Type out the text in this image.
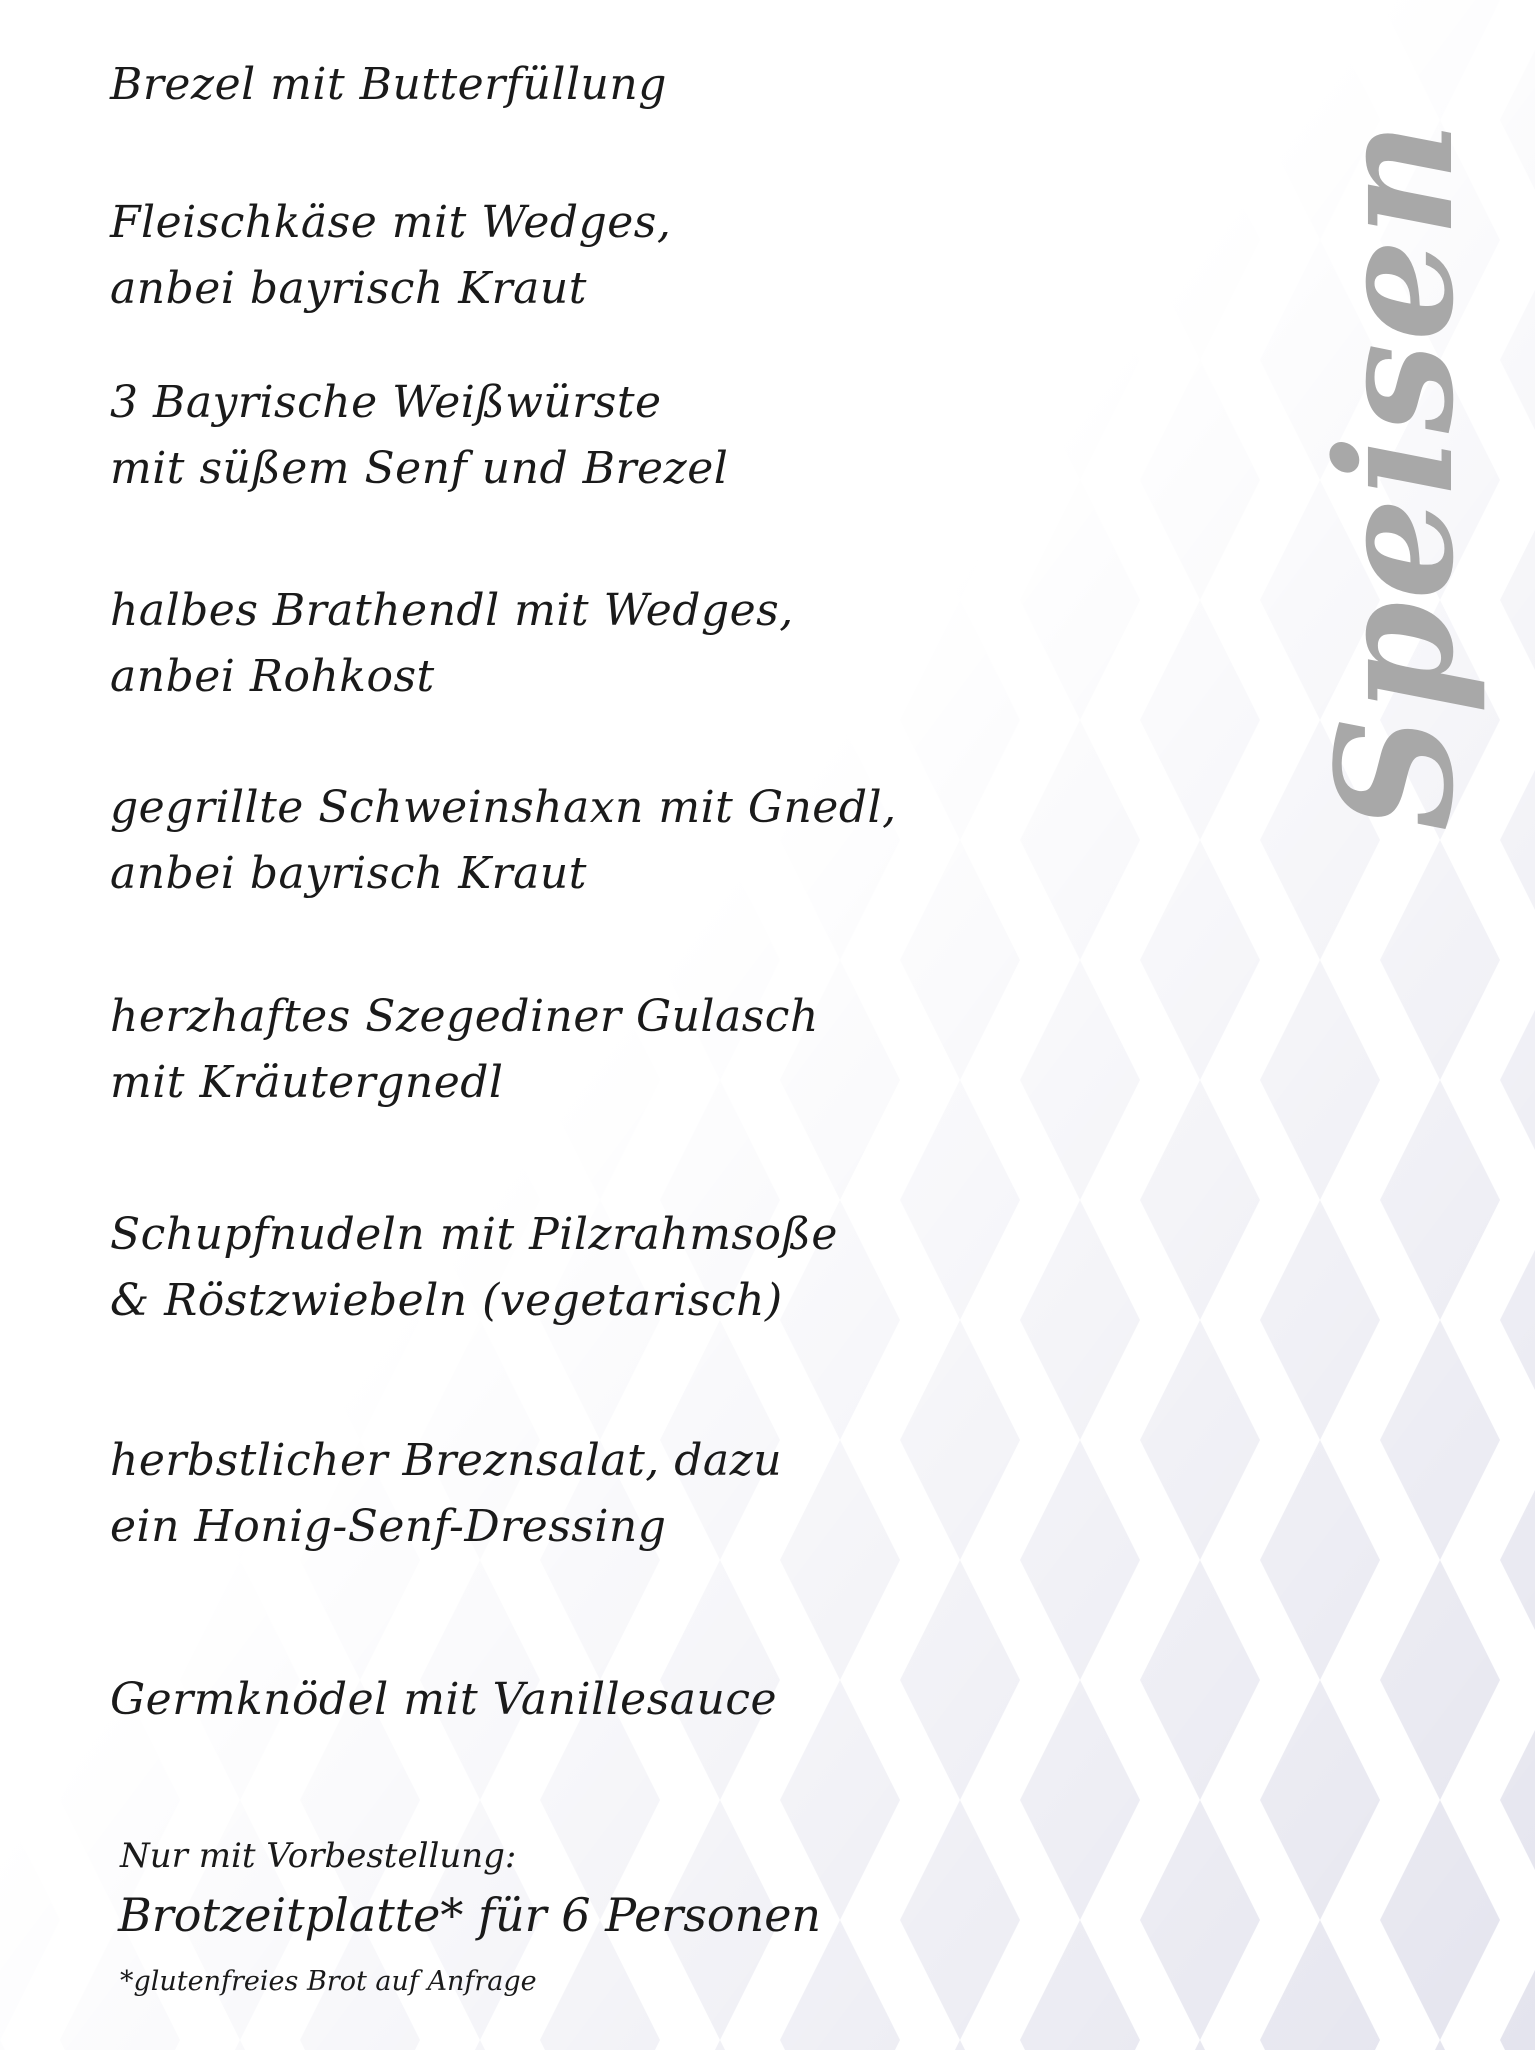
Brezel mit Butterfüllung
Fleischkäse mit Wedges,
anbei bayrisch Kraut
3 Bayrische Weißwürste
mit süßem Senf und Brezel
halbes Brathendl mit Wedges,
anbei Rohkost
gegrillte Schweinshaxn mit Gnedl,
anbei bayrisch Kraut
herzhaftes Szegediner Gulasch
mit Kräutergnedl
Schupfnudeln mit Pilzrahmsoße
& Röstzwiebeln (vegetarisch)
herbstlicher Breznsalat, dazu
ein Honig-Senf-Dressing
Germknödel mit Vanillesauce
Nur mit Vorbestellung:
Brotzeitplatte* für 6 Personen
*glutenfreies Brot auf Anfrage
Speisen
